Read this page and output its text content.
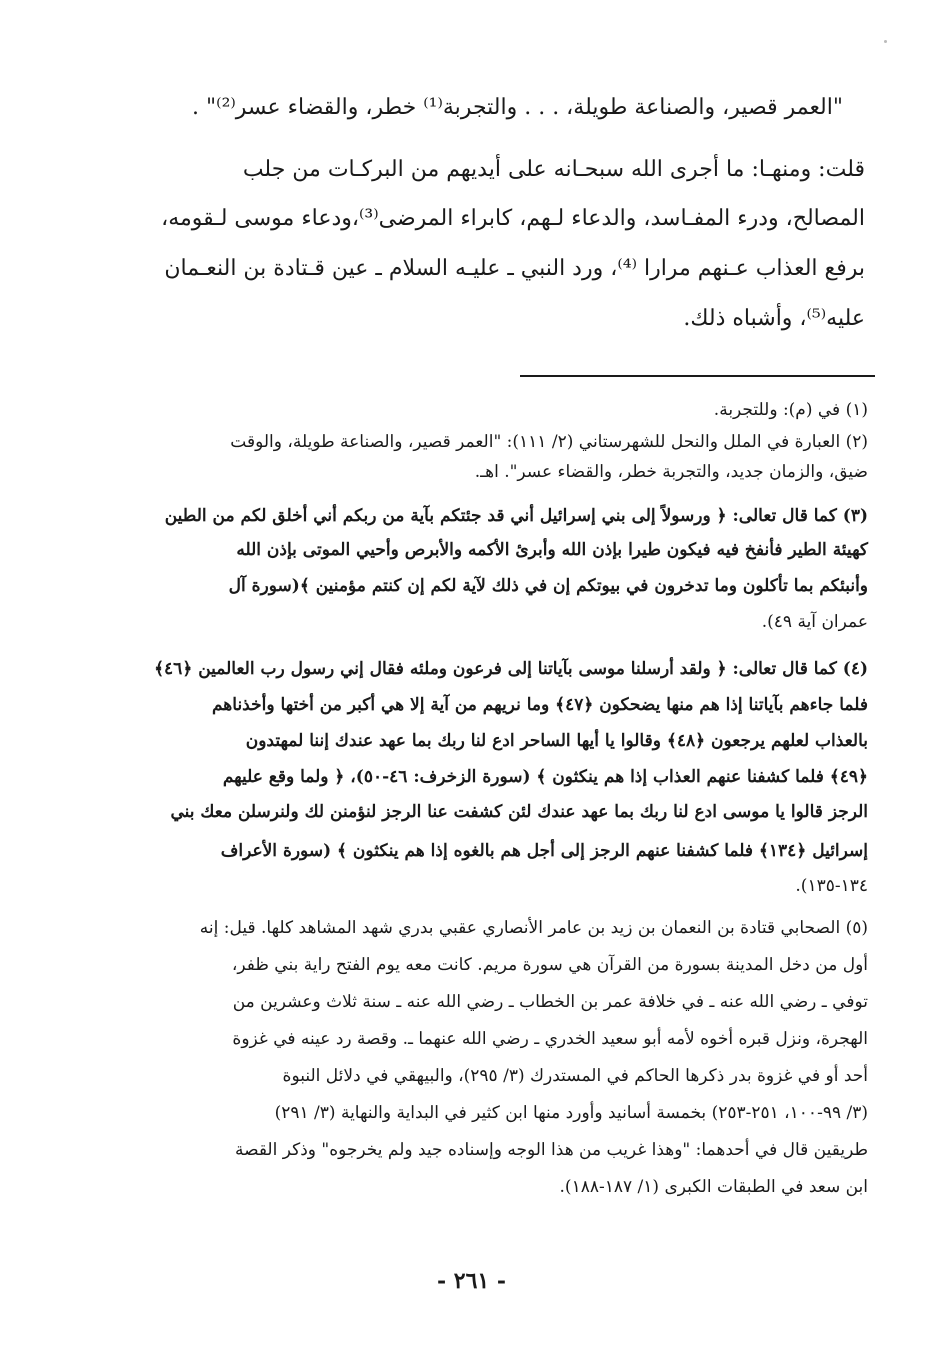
"العمر قصير، والصناعة طويلة، . . . والتجربة⁽¹⁾ خطر، والقضاء عسر⁽²⁾" .
قلت: ومنهـا: ما أجرى الله سبحـانه على أيديهم من البركـات من جلب
المصالح، ودرء المفـاسد، والدعاء لـهم، كابراء المرضى⁽³⁾،ودعاء موسى لـقومه،
برفع العذاب عـنهم مرارا ⁽⁴⁾، ورد النبي ـ عليـه السلام ـ عين قـتادة بن النعـمان
عليه⁽⁵⁾، وأشباه ذلك.
(١) في (م): وللتجربة.
(٢) العبارة في الملل والنحل للشهرستاني (٢/ ١١١): "العمر قصير، والصناعة طويلة، والوقت
ضيق، والزمان جديد، والتجربة خطر، والقضاء عسر". اهـ.
(٣) كما قال تعالى: ﴿ ورسولاً إلى بني إسرائيل أني قد جئتكم بآية من ربكم أني أخلق لكم من الطين
كهيئة الطير فأنفخ فيه فيكون طيرا بإذن الله وأبرئ الأكمه والأبرص وأحيي الموتى بإذن الله
وأنبئكم بما تأكلون وما تدخرون في بيوتكم إن في ذلك لآية لكم إن كنتم مؤمنين ﴾(سورة آل
عمران آية ٤٩).
(٤) كما قال تعالى: ﴿ ولقد أرسلنا موسى بآياتنا إلى فرعون وملئه فقال إني رسول رب العالمين ﴿٤٦﴾
فلما جاءهم بآياتنا إذا هم منها يضحكون ﴿٤٧﴾ وما نريهم من آية إلا هي أكبر من أختها وأخذناهم
بالعذاب لعلهم يرجعون ﴿٤٨﴾ وقالوا يا أيها الساحر ادع لنا ربك بما عهد عندك إننا لمهتدون
﴿٤٩﴾ فلما كشفنا عنهم العذاب إذا هم ينكثون ﴾ (سورة الزخرف: ٤٦-٥٠)، ﴿ ولما وقع عليهم
الرجز قالوا يا موسى ادع لنا ربك بما عهد عندك لئن كشفت عنا الرجز لنؤمنن لك ولنرسلن معك بني
إسرائيل ﴿١٣٤﴾ فلما كشفنا عنهم الرجز إلى أجل هم بالغوه إذا هم ينكثون ﴾ (سورة الأعراف
١٣٤-١٣٥).
(٥) الصحابي قتادة بن النعمان بن زيد بن عامر الأنصاري عقبي بدري شهد المشاهد كلها. قيل: إنه
أول من دخل المدينة بسورة من القرآن هي سورة مريم. كانت معه يوم الفتح راية بني ظفر،
توفي ـ رضي الله عنه ـ في خلافة عمر بن الخطاب ـ رضي الله عنه ـ سنة ثلاث وعشرين من
الهجرة، ونزل قبره أخوه لأمه أبو سعيد الخدري ـ رضي الله عنهما ـ. وقصة رد عينه في غزوة
أحد أو في غزوة بدر ذكرها الحاكم في المستدرك (٣/ ٢٩٥)، والبيهقي في دلائل النبوة
(٣/ ٩٩-١٠٠، ٢٥١-٢٥٣) بخمسة أسانيد وأورد منها ابن كثير في البداية والنهاية (٣/ ٢٩١)
طريقين قال في أحدهما: "وهذا غريب من هذا الوجه وإسناده جيد ولم يخرجوه" وذكر القصة
ابن سعد في الطبقات الكبرى (١/ ١٨٧-١٨٨).
- ٢٦١ -
